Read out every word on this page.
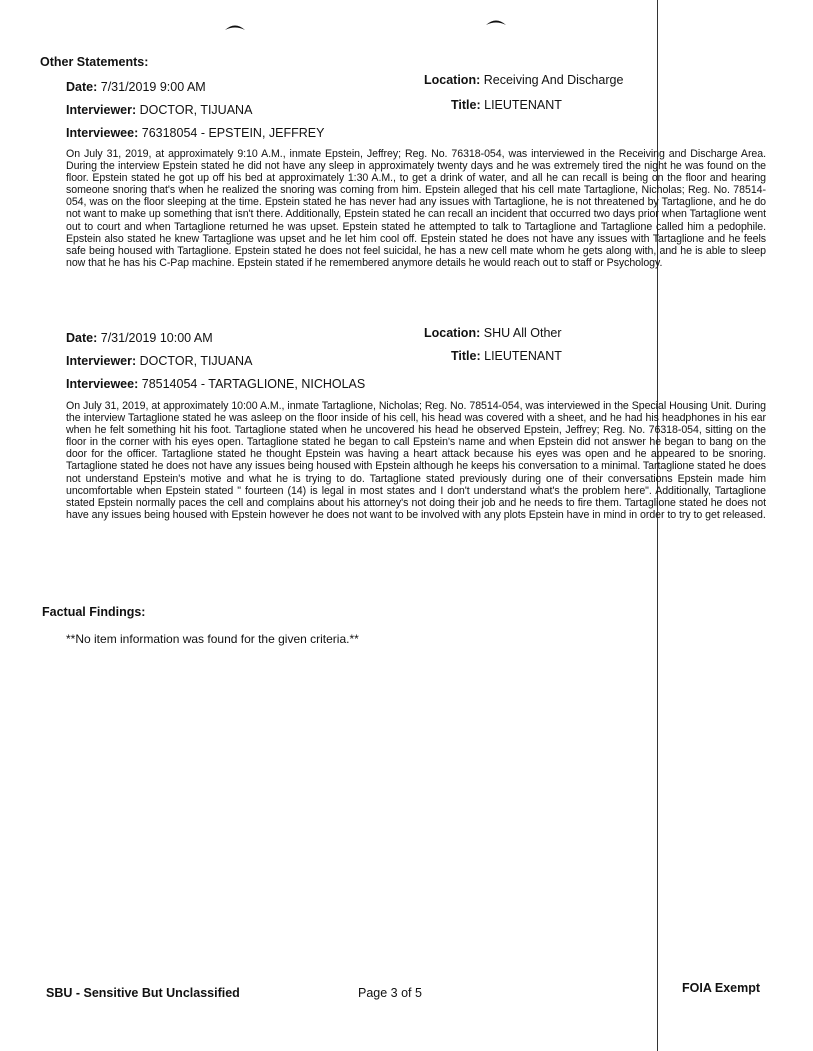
Other Statements:
Date: 7/31/2019 9:00 AM	Location: Receiving And Discharge
Interviewer: DOCTOR, TIJUANA	Title: LIEUTENANT
Interviewee: 76318054 - EPSTEIN, JEFFREY
On July 31, 2019, at approximately 9:10 A.M., inmate Epstein, Jeffrey; Reg. No. 76318-054, was interviewed in the Receiving and Discharge Area. During the interview Epstein stated he did not have any sleep in approximately twenty days and he was extremely tired the night he was found on the floor. Epstein stated he got up off his bed at approximately 1:30 A.M., to get a drink of water, and all he can recall is being on the floor and hearing someone snoring that's when he realized the snoring was coming from him. Epstein alleged that his cell mate Tartaglione, Nicholas; Reg. No. 78514-054, was on the floor sleeping at the time. Epstein stated he has never had any issues with Tartaglione, he is not threatened by Tartaglione, and he do not want to make up something that isn't there. Additionally, Epstein stated he can recall an incident that occurred two days prior when Tartaglione went out to court and when Tartaglione returned he was upset. Epstein stated he attempted to talk to Tartaglione and Tartaglione called him a pedophile. Epstein also stated he knew Tartaglione was upset and he let him cool off. Epstein stated he does not have any issues with Tartaglione and he feels safe being housed with Tartaglione. Epstein stated he does not feel suicidal, he has a new cell mate whom he gets along with, and he is able to sleep now that he has his C-Pap machine. Epstein stated if he remembered anymore details he would reach out to staff or Psychology.
Date: 7/31/2019 10:00 AM	Location: SHU All Other
Interviewer: DOCTOR, TIJUANA	Title: LIEUTENANT
Interviewee: 78514054 - TARTAGLIONE, NICHOLAS
On July 31, 2019, at approximately 10:00 A.M., inmate Tartaglione, Nicholas; Reg. No. 78514-054, was interviewed in the Special Housing Unit. During the interview Tartaglione stated he was asleep on the floor inside of his cell, his head was covered with a sheet, and he had his headphones in his ear when he felt something hit his foot. Tartaglione stated when he uncovered his head he observed Epstein, Jeffrey; Reg. No. 76318-054, sitting on the floor in the corner with his eyes open. Tartaglione stated he began to call Epstein's name and when Epstein did not answer he began to bang on the door for the officer. Tartaglione stated he thought Epstein was having a heart attack because his eyes was open and he appeared to be snoring. Tartaglione stated he does not have any issues being housed with Epstein although he keeps his conversation to a minimal. Tartaglione stated he does not understand Epstein's motive and what he is trying to do. Tartaglione stated previously during one of their conversations Epstein made him uncomfortable when Epstein stated " fourteen (14) is legal in most states and I don't understand what's the problem here". Additionally, Tartaglione stated Epstein normally paces the cell and complains about his attorney's not doing their job and he needs to fire them. Tartaglione stated he does not have any issues being housed with Epstein however he does not want to be involved with any plots Epstein have in mind in order to try to get released.
Factual Findings:
**No item information was found for the given criteria.**
SBU - Sensitive But Unclassified	Page 3 of 5	FOIA Exempt
